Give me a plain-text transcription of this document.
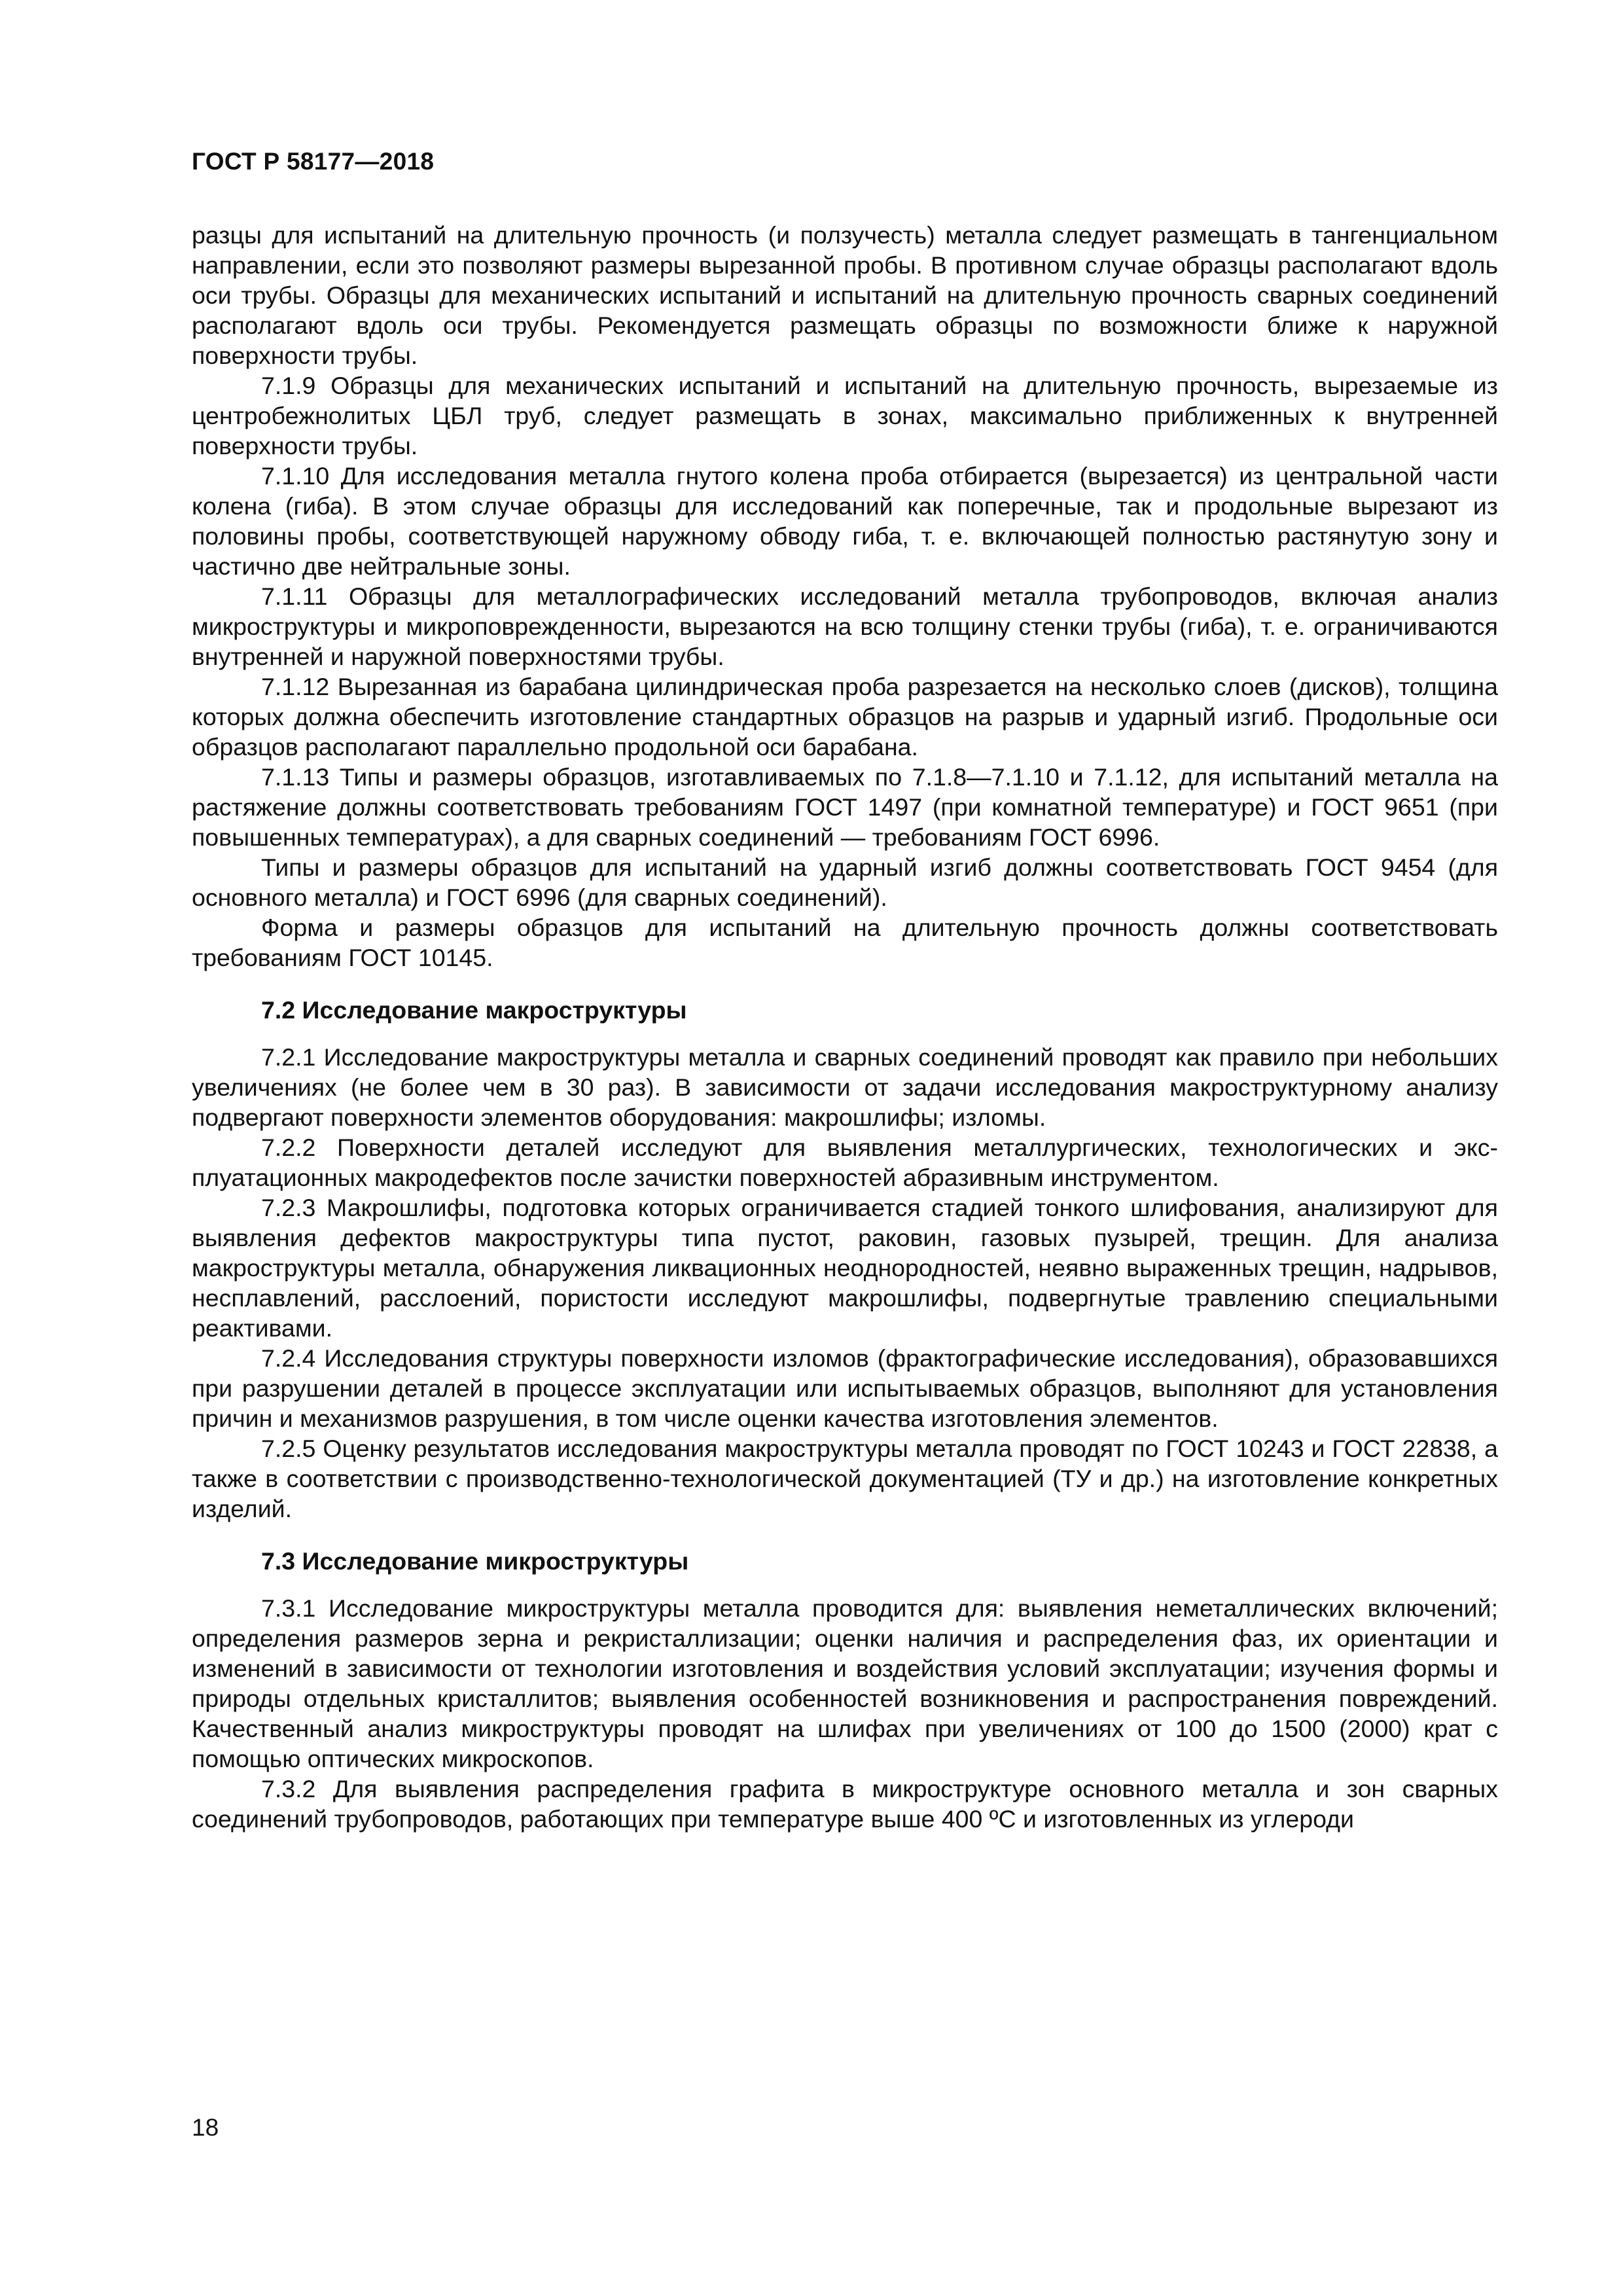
ГОСТ Р 58177—2018

разцы для испытаний на длительную прочность (и ползучесть) металла следует размещать в тангенциальном направлении, если это позволяют размеры вырезанной пробы. В противном случае образцы располагают вдоль оси трубы. Образцы для механических испытаний и испытаний на длительную прочность сварных соединений располагают вдоль оси трубы. Рекомендуется размещать образцы по возможности ближе к наружной поверхности трубы.

7.1.9 Образцы для механических испытаний и испытаний на длительную прочность, вырезаемые из центробежнолитых ЦБЛ труб, следует размещать в зонах, максимально приближенных к внутренней поверхности трубы.

7.1.10 Для исследования металла гнутого колена проба отбирается (вырезается) из центральной части колена (гиба). В этом случае образцы для исследований как поперечные, так и продольные вырезают из половины пробы, соответствующей наружному обводу гиба, т. е. включающей полностью растянутую зону и частично две нейтральные зоны.

7.1.11 Образцы для металлографических исследований металла трубопроводов, включая анализ микроструктуры и микроповрежденности, вырезаются на всю толщину стенки трубы (гиба), т. е. ограничиваются внутренней и наружной поверхностями трубы.

7.1.12 Вырезанная из барабана цилиндрическая проба разрезается на несколько слоев (дисков), толщина которых должна обеспечить изготовление стандартных образцов на разрыв и ударный изгиб. Продольные оси образцов располагают параллельно продольной оси барабана.

7.1.13 Типы и размеры образцов, изготавливаемых по 7.1.8—7.1.10 и 7.1.12, для испытаний металла на растяжение должны соответствовать требованиям ГОСТ 1497 (при комнатной температуре) и ГОСТ 9651 (при повышенных температурах), а для сварных соединений — требованиям ГОСТ 6996.

Типы и размеры образцов для испытаний на ударный изгиб должны соответствовать ГОСТ 9454 (для основного металла) и ГОСТ 6996 (для сварных соединений).

Форма и размеры образцов для испытаний на длительную прочность должны соответствовать требованиям ГОСТ 10145.

7.2 Исследование макроструктуры

7.2.1 Исследование макроструктуры металла и сварных соединений проводят как правило при небольших увеличениях (не более чем в 30 раз). В зависимости от задачи исследования макроструктурному анализу подвергают поверхности элементов оборудования: макрошлифы; изломы.

7.2.2 Поверхности деталей исследуют для выявления металлургических, технологических и эксплуатационных макродефектов после зачистки поверхностей абразивным инструментом.

7.2.3 Макрошлифы, подготовка которых ограничивается стадией тонкого шлифования, анализируют для выявления дефектов макроструктуры типа пустот, раковин, газовых пузырей, трещин. Для анализа макроструктуры металла, обнаружения ликвационных неоднородностей, неявно выраженных трещин, надрывов, несплавлений, расслоений, пористости исследуют макрошлифы, подвергнутые травлению специальными реактивами.

7.2.4 Исследования структуры поверхности изломов (фрактографические исследования), образовавшихся при разрушении деталей в процессе эксплуатации или испытываемых образцов, выполняют для установления причин и механизмов разрушения, в том числе оценки качества изготовления элементов.

7.2.5 Оценку результатов исследования макроструктуры металла проводят по ГОСТ 10243 и ГОСТ 22838, а также в соответствии с производственно-технологической документацией (ТУ и др.) на изготовление конкретных изделий.

7.3 Исследование микроструктуры

7.3.1 Исследование микроструктуры металла проводится для: выявления неметаллических включений; определения размеров зерна и рекристаллизации; оценки наличия и распределения фаз, их ориентации и изменений в зависимости от технологии изготовления и воздействия условий эксплуатации; изучения формы и природы отдельных кристаллитов; выявления особенностей возникновения и распространения повреждений. Качественный анализ микроструктуры проводят на шлифах при увеличениях от 100 до 1500 (2000) крат с помощью оптических микроскопов.

7.3.2 Для выявления распределения графита в микроструктуре основного металла и зон сварных соединений трубопроводов, работающих при температуре выше 400 ºС и изготовленных из углероди

18
